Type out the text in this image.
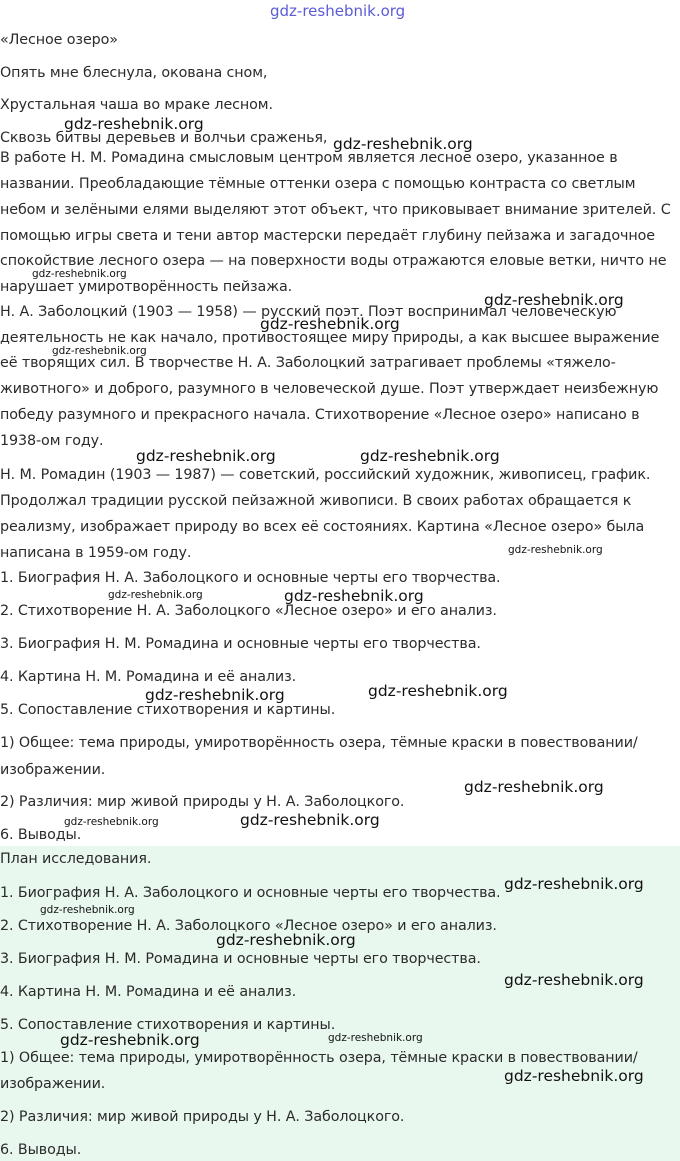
«Лесное озеро»

Опять мне блеснула, окована сном,

Хрустальная чаша во мраке лесном.

Сквозь битвы деревьев и волчьи сраженья,

В работе Н. М. Ромадина смысловым центром является лесное озеро, указанное в

названии. Преобладающие тёмные оттенки озера с помощью контраста со светлым

небом и зелёными елями выделяют этот объект, что приковывает внимание зрителей. С

помощью игры света и тени автор мастерски передаёт глубину пейзажа и загадочное

спокойствие лесного озера — на поверхности воды отражаются еловые ветки, ничто не

нарушает умиротворённость пейзажа.

Н. А. Заболоцкий (1903 — 1958) — русский поэт. Поэт воспринимал человеческую

деятельность не как начало, противостоящее миру природы, а как высшее выражение

её творящих сил. В творчестве Н. А. Заболоцкий затрагивает проблемы «тяжело-

животного» и доброго, разумного в человеческой душе. Поэт утверждает неизбежную

победу разумного и прекрасного начала. Стихотворение «Лесное озеро» написано в

1938-ом году.

Н. М. Ромадин (1903 — 1987) — советский, российский художник, живописец, график.

Продолжал традиции русской пейзажной живописи. В своих работах обращается к

реализму, изображает природу во всех её состояниях. Картина «Лесное озеро» была

написана в 1959-ом году.

1. Биография Н. А. Заболоцкого и основные черты его творчества.

2. Стихотворение Н. А. Заболоцкого «Лесное озеро» и его анализ.

3. Биография Н. М. Ромадина и основные черты его творчества.

4. Картина Н. М. Ромадина и её анализ.

5. Сопоставление стихотворения и картины.

1) Общее: тема природы, умиротворённость озера, тёмные краски в повествовании/

изображении.

2) Различия: мир живой природы у Н. А. Заболоцкого.

6. Выводы.

План исследования.

1. Биография Н. А. Заболоцкого и основные черты его творчества.

2. Стихотворение Н. А. Заболоцкого «Лесное озеро» и его анализ.

3. Биография Н. М. Ромадина и основные черты его творчества.

4. Картина Н. М. Ромадина и её анализ.

5. Сопоставление стихотворения и картины.

1) Общее: тема природы, умиротворённость озера, тёмные краски в повествовании/

изображении.

2) Различия: мир живой природы у Н. А. Заболоцкого.

6. Выводы.

gdz-reshebnik.org
gdz-reshebnik.org
gdz-reshebnik.org
gdz-reshebnik.org
gdz-reshebnik.org
gdz-reshebnik.org
gdz-reshebnik.org
gdz-reshebnik.org	gdz-reshebnik.org
gdz-reshebnik.org
gdz-reshebnik.org	gdz-reshebnik.org
gdz-reshebnik.org	gdz-reshebnik.org
gdz-reshebnik.org
gdz-reshebnik.org	gdz-reshebnik.org
gdz-reshebnik.org
gdz-reshebnik.org
gdz-reshebnik.org
gdz-reshebnik.org
gdz-reshebnik.org	gdz-reshebnik.org
gdz-reshebnik.org
